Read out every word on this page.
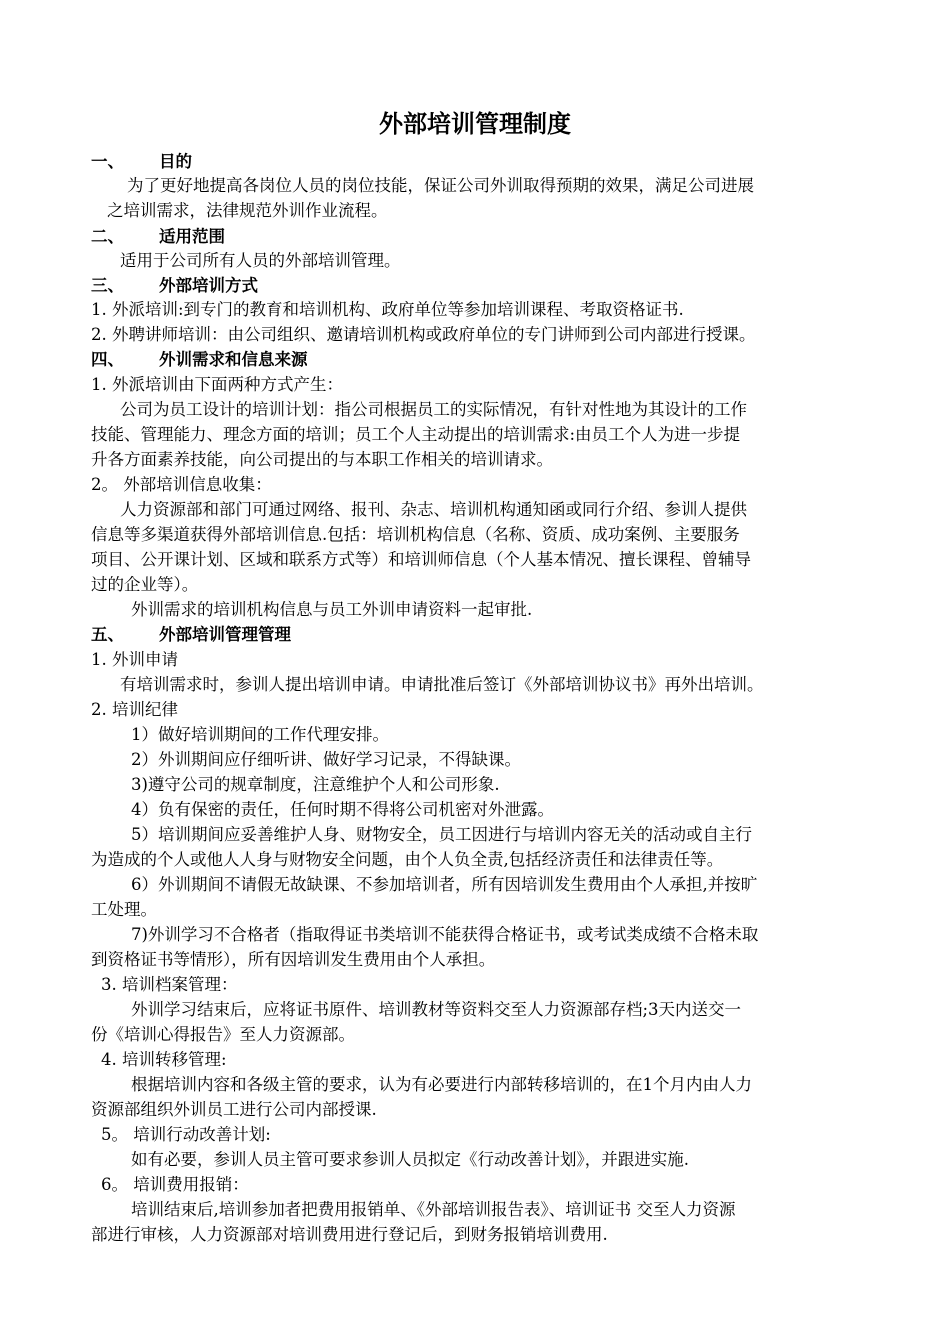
外部培训管理制度
一、 目的
为了更好地提高各岗位人员的岗位技能，保证公司外训取得预期的效果，满足公司进展
之培训需求，法律规范外训作业流程。
二、 适用范围
适用于公司所有人员的外部培训管理。
三、 外部培训方式
1. 外派培训:到专门的教育和培训机构、政府单位等参加培训课程、考取资格证书.
2. 外聘讲师培训：由公司组织、邀请培训机构或政府单位的专门讲师到公司内部进行授课。
四、 外训需求和信息来源
1. 外派培训由下面两种方式产生：
公司为员工设计的培训计划：指公司根据员工的实际情况，有针对性地为其设计的工作
技能、管理能力、理念方面的培训；员工个人主动提出的培训需求:由员工个人为进一步提
升各方面素养技能，向公司提出的与本职工作相关的培训请求。
2。 外部培训信息收集：
人力资源部和部门可通过网络、报刊、杂志、培训机构通知函或同行介绍、参训人提供
信息等多渠道获得外部培训信息.包括：培训机构信息（名称、资质、成功案例、主要服务
项目、公开课计划、区域和联系方式等）和培训师信息（个人基本情况、擅长课程、曾辅导
过的企业等）。
外训需求的培训机构信息与员工外训申请资料一起审批.
五、 外部培训管理管理
1. 外训申请
有培训需求时，参训人提出培训申请。申请批准后签订《外部培训协议书》再外出培训。
2. 培训纪律
1）做好培训期间的工作代理安排。
2）外训期间应仔细听讲、做好学习记录，不得缺课。
3)遵守公司的规章制度，注意维护个人和公司形象.
4）负有保密的责任，任何时期不得将公司机密对外泄露。
5）培训期间应妥善维护人身、财物安全，员工因进行与培训内容无关的活动或自主行
为造成的个人或他人人身与财物安全问题，由个人负全责,包括经济责任和法律责任等。
6）外训期间不请假无故缺课、不参加培训者，所有因培训发生费用由个人承担,并按旷
工处理。
7)外训学习不合格者（指取得证书类培训不能获得合格证书，或考试类成绩不合格未取
到资格证书等情形），所有因培训发生费用由个人承担。
3. 培训档案管理：
外训学习结束后，应将证书原件、培训教材等资料交至人力资源部存档;3天内送交一
份《培训心得报告》至人力资源部。
4. 培训转移管理:
根据培训内容和各级主管的要求，认为有必要进行内部转移培训的，在1个月内由人力
资源部组织外训员工进行公司内部授课.
5。 培训行动改善计划:
如有必要，参训人员主管可要求参训人员拟定《行动改善计划》，并跟进实施.
6。 培训费用报销：
培训结束后,培训参加者把费用报销单、《外部培训报告表》、培训证书 交至人力资源
部进行审核，人力资源部对培训费用进行登记后，到财务报销培训费用.
